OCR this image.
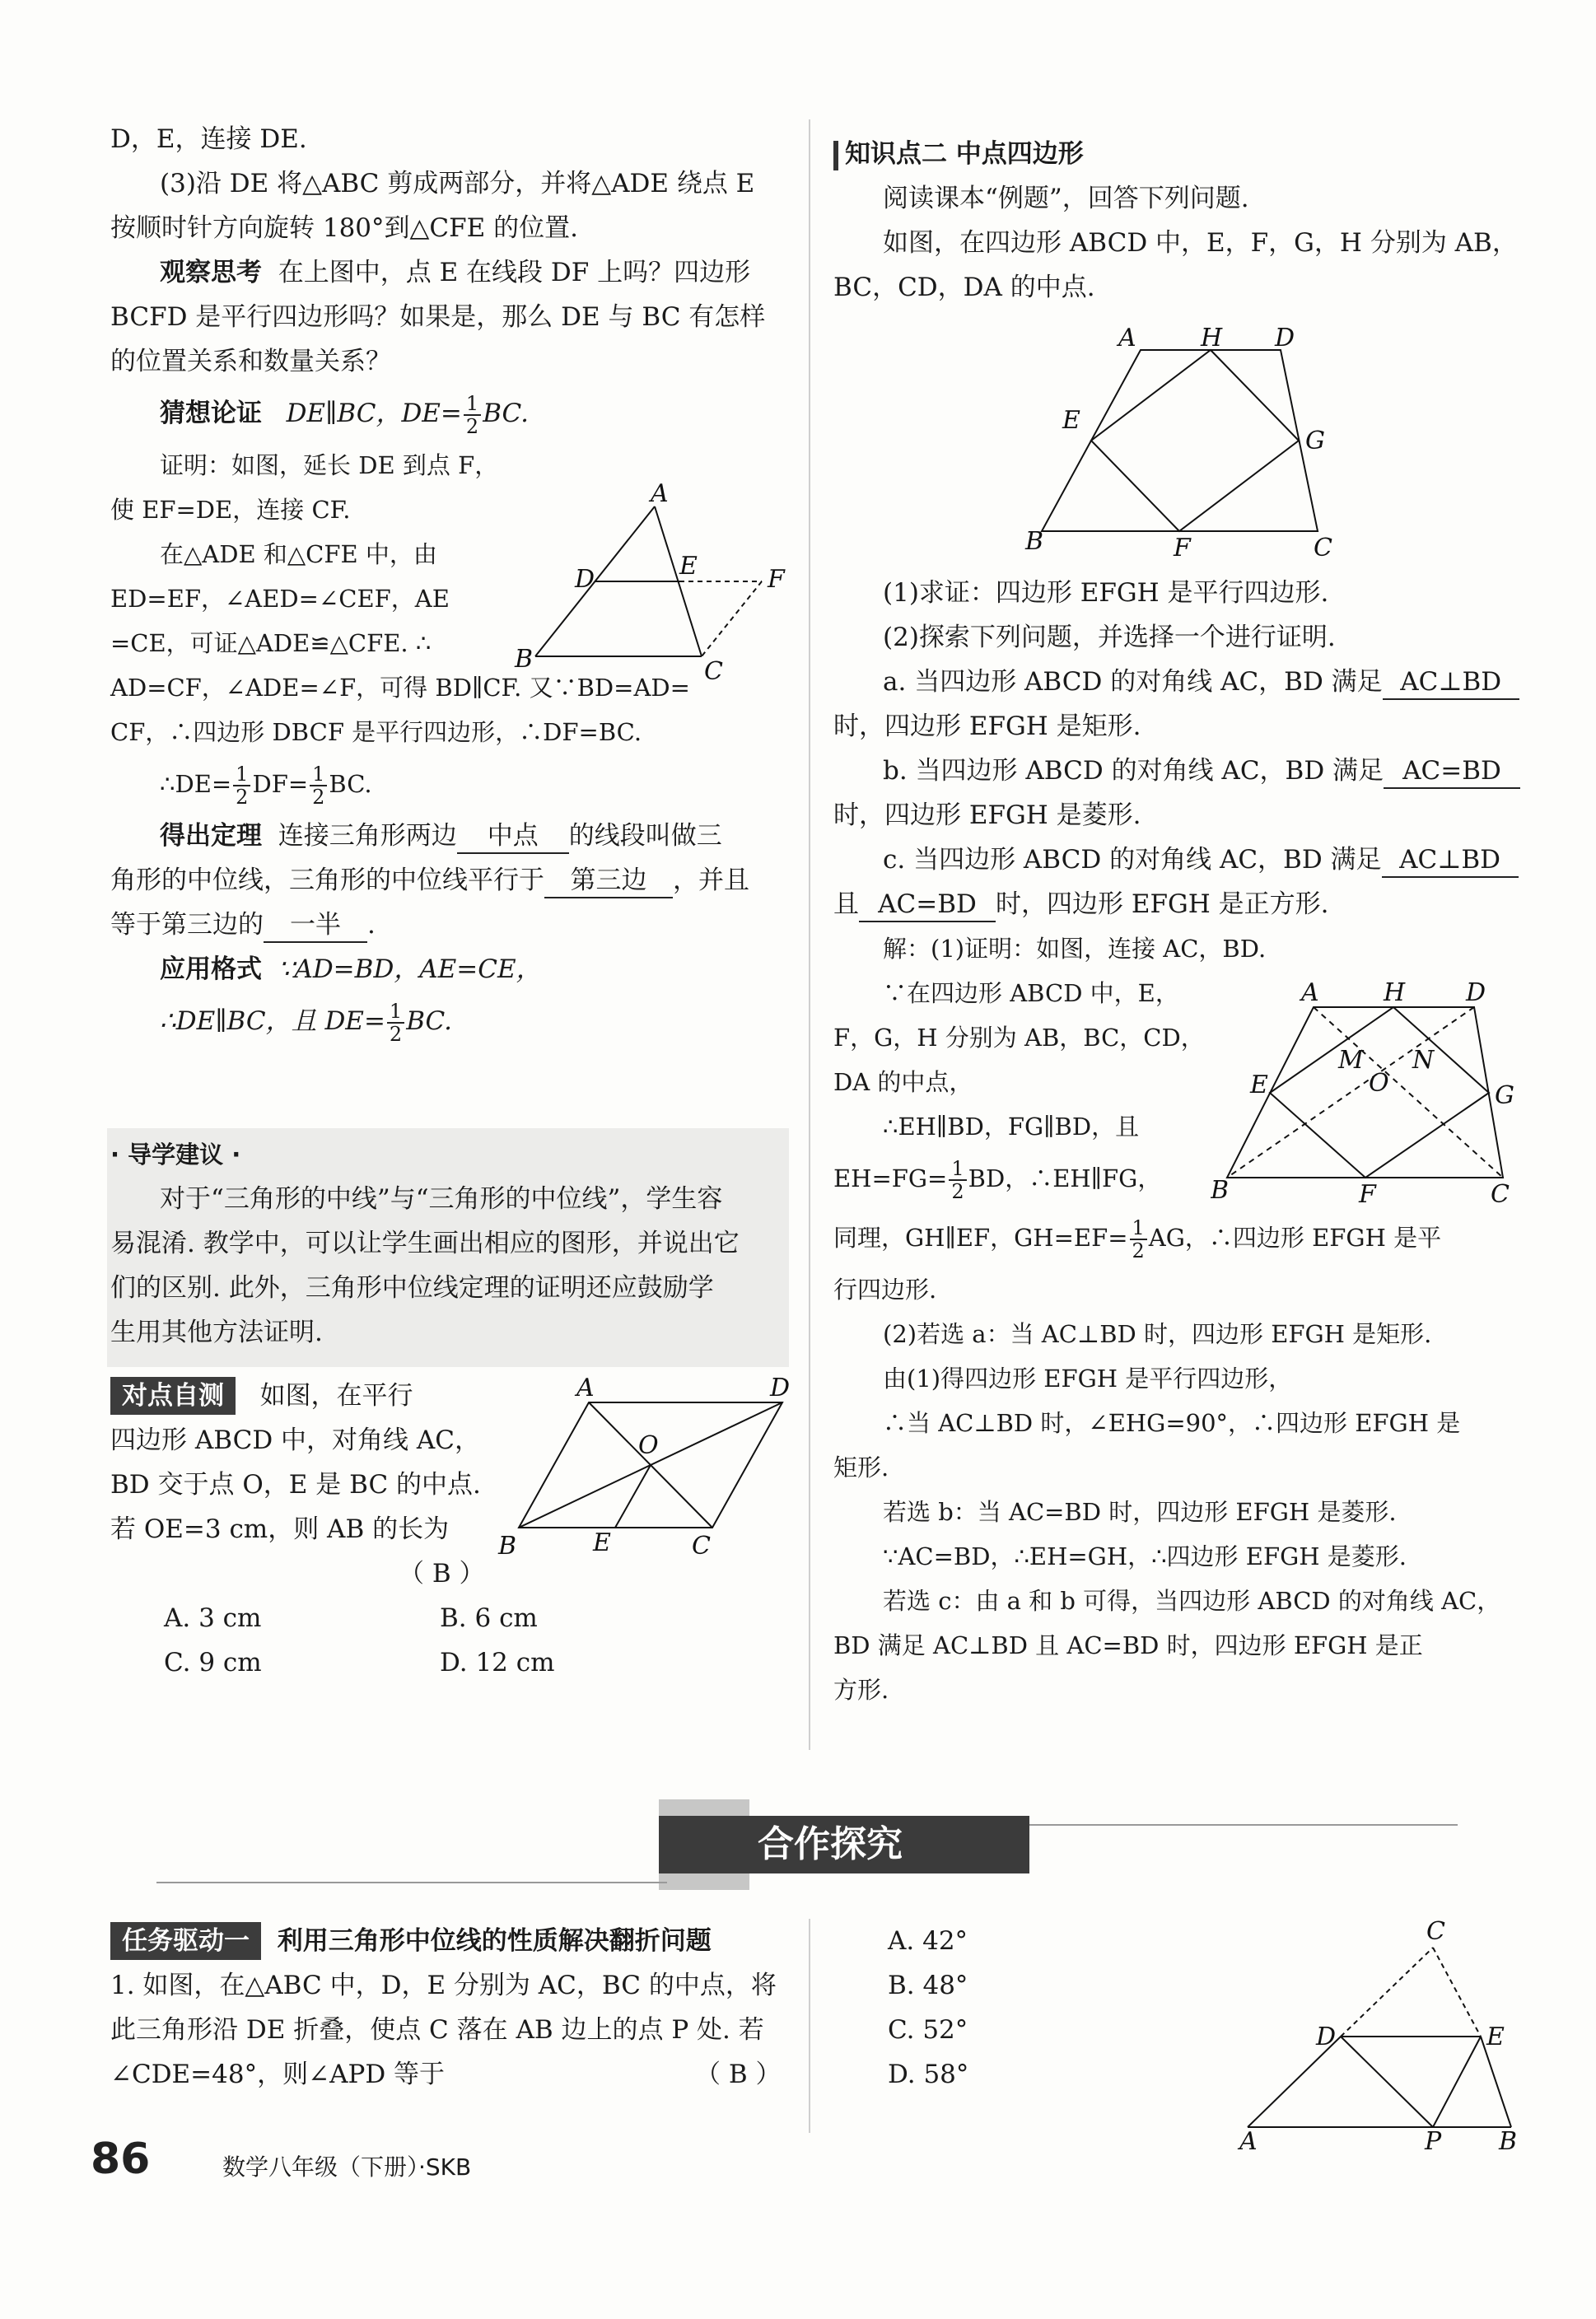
D，E，连接 DE.
(3)沿 DE 将△ABC 剪成两部分，并将△ADE 绕点 E
按顺时针方向旋转 180°到△CFE 的位置.
观察思考 在上图中，点 E 在线段 DF 上吗？四边形
BCFD 是平行四边形吗？如果是，那么 DE 与 BC 有怎样
的位置关系和数量关系？
猜想论证 DE∥BC，$DE= \frac{1}{2}$ BC.
证明：如图，延长 DE 到点 F，
使 EF=DE，连接 CF.
在△ADE 和△CFE 中，由
ED=EF，∠AED=∠CEF，AE
=CE，可证△ADE≌△CFE. ∴
AD=CF，∠ADE=∠F，可得 BD∥CF. 又∵BD=AD=
CF，∴四边形 DBCF 是平行四边形，∴DF=BC.
∴DE= $\frac{1}{2} DF= \frac{1}{2}$ BC.
得出定理 连接三角形两边 中点 的线段叫做三
角形的中位线，三角形的中位线平行于 第三边 ，并且
等于第三边的 一半 .
应用格式 ∵AD=BD，AE=CE，
∴DE∥BC，且 $DE= \frac{1}{2}$ BC.
A
D	E	F
B	C
· 导学建议 ·
对于“三角形的中线”与“三角形的中位线”，学生容
易混淆. 教学中，可以让学生画出相应的图形，并说出它
们的区别. 此外，三角形中位线定理的证明还应鼓励学
生用其他方法证明.
对点自测 如图，在平行
四边形 ABCD 中，对角线 AC，
BD 交于点 O，E 是 BC 的中点.
若 OE=3 cm，则 AB 的长为
（ B ）
A. 3 cm	B. 6 cm
C. 9 cm	D. 12 cm
A	D
O
B	E	C
知识点二 中点四边形
阅读课本“例题”，回答下列问题.
如图，在四边形 ABCD 中，E，F，G，H 分别为 AB，
BC，CD，DA 的中点.
A	H D
E
G
B	F	C
(1)求证：四边形 EFGH 是平行四边形.
(2)探索下列问题，并选择一个进行证明.
a. 当四边形 ABCD 的对角线 AC，BD 满足 AC⊥BD
时，四边形 EFGH 是矩形.
b. 当四边形 ABCD 的对角线 AC，BD 满足 AC=BD
时，四边形 EFGH 是菱形.
c. 当四边形 ABCD 的对角线 AC，BD 满足 AC⊥BD
且 AC=BD 时，四边形 EFGH 是正方形.
解：(1)证明：如图，连接 AC，BD.
∵在四边形 ABCD 中，E，
F，G，H 分别为 AB，BC，CD，
DA 的中点，
∴EH∥BD，FG∥BD，且
$EH=FG= \frac{1}{2}$ BD，∴EH∥FG，
同理，GH∥EF，$GH=EF= \frac{1}{2}$ AG，∴四边形 EFGH 是平
行四边形.
(2)若选 a：当 AC⊥BD 时，四边形 EFGH 是矩形.
由(1)得四边形 EFGH 是平行四边形，
∴当 AC⊥BD 时，∠EHG=90°，∴四边形 EFGH 是
矩形.
若选 b：当 AC=BD 时，四边形 EFGH 是菱形.
∵AC=BD，∴EH=GH，∴四边形 EFGH 是菱形.
若选 c：由 a 和 b 可得，当四边形 ABCD 的对角线 AC，
BD 满足 AC⊥BD 且 AC=BD 时，四边形 EFGH 是正
方形.
A	H D
M N
O
E	G
B	F	C
合作探究
任务驱动一 利用三角形中位线的性质解决翻折问题
1. 如图，在△ABC 中，D，E 分别为 AC，BC 的中点，将
此三角形沿 DE 折叠，使点 C 落在 AB 边上的点 P 处. 若
∠CDE=48°，则∠APD 等于	（ B ）
A. 42°
B. 48°
C. 52°
D. 58°
C
D	E
A	P B
86	数学八年级（下册）·SKB
